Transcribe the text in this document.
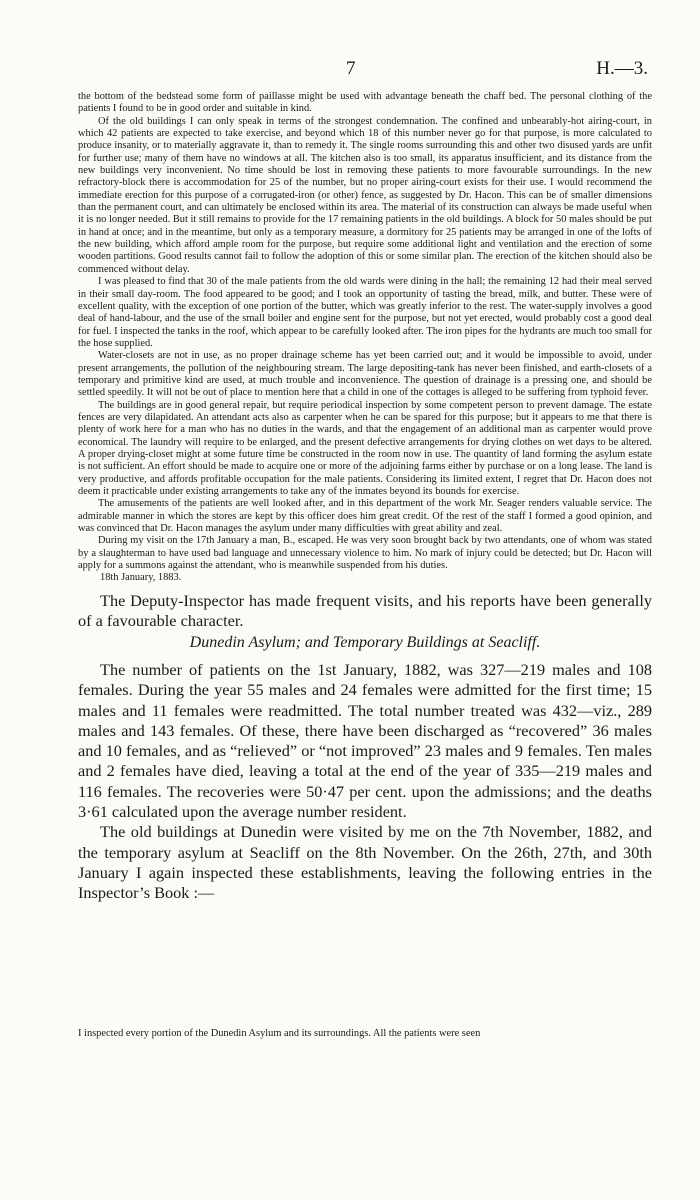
7	H.—3.

the bottom of the bedstead some form of paillasse might be used with advantage beneath the chaff bed. The personal clothing of the patients I found to be in good order and suitable in kind.

Of the old buildings I can only speak in terms of the strongest condemnation. The confined and unbearably-hot airing-court, in which 42 patients are expected to take exercise, and beyond which 18 of this number never go for that purpose, is more calculated to produce insanity, or to materially aggravate it, than to remedy it. The single rooms surrounding this and other two disused yards are unfit for further use; many of them have no windows at all. The kitchen also is too small, its apparatus insufficient, and its distance from the new buildings very inconvenient. No time should be lost in removing these patients to more favourable surroundings. In the new refractory-block there is accommodation for 25 of the number, but no proper airing-court exists for their use. I would recommend the immediate erection for this purpose of a corrugated-iron (or other) fence, as suggested by Dr. Hacon. This can be of smaller dimensions than the permanent court, and can ultimately be enclosed within its area. The material of its construction can always be made useful when it is no longer needed. But it still remains to provide for the 17 remaining patients in the old buildings. A block for 50 males should be put in hand at once; and in the meantime, but only as a temporary measure, a dormitory for 25 patients may be arranged in one of the lofts of the new building, which afford ample room for the purpose, but require some additional light and ventilation and the erection of some wooden partitions. Good results cannot fail to follow the adoption of this or some similar plan. The erection of the kitchen should also be commenced without delay.

I was pleased to find that 30 of the male patients from the old wards were dining in the hall; the remaining 12 had their meal served in their small day-room. The food appeared to be good; and I took an opportunity of tasting the bread, milk, and butter. These were of excellent quality, with the exception of one portion of the butter, which was greatly inferior to the rest. The water-supply involves a good deal of hand-labour, and the use of the small boiler and engine sent for the purpose, but not yet erected, would probably cost a good deal for fuel. I inspected the tanks in the roof, which appear to be carefully looked after. The iron pipes for the hydrants are much too small for the hose supplied.

Water-closets are not in use, as no proper drainage scheme has yet been carried out; and it would be impossible to avoid, under present arrangements, the pollution of the neighbouring stream. The large depositing-tank has never been finished, and earth-closets of a temporary and primitive kind are used, at much trouble and inconvenience. The question of drainage is a pressing one, and should be settled speedily. It will not be out of place to mention here that a child in one of the cottages is alleged to be suffering from typhoid fever.

The buildings are in good general repair, but require periodical inspection by some competent person to prevent damage. The estate fences are very dilapidated. An attendant acts also as carpenter when he can be spared for this purpose; but it appears to me that there is plenty of work here for a man who has no duties in the wards, and that the engagement of an additional man as carpenter would prove economical. The laundry will require to be enlarged, and the present defective arrangements for drying clothes on wet days to be altered. A proper drying-closet might at some future time be constructed in the room now in use. The quantity of land forming the asylum estate is not sufficient. An effort should be made to acquire one or more of the adjoining farms either by purchase or on a long lease. The land is very productive, and affords profitable occupation for the male patients. Considering its limited extent, I regret that Dr. Hacon does not deem it practicable under existing arrangements to take any of the inmates beyond its bounds for exercise.

The amusements of the patients are well looked after, and in this department of the work Mr. Seager renders valuable service. The admirable manner in which the stores are kept by this officer does him great credit. Of the rest of the staff I formed a good opinion, and was convinced that Dr. Hacon manages the asylum under many difficulties with great ability and zeal.

During my visit on the 17th January a man, B., escaped. He was very soon brought back by two attendants, one of whom was stated by a slaughterman to have used bad language and unnecessary violence to him. No mark of injury could be detected; but Dr. Hacon will apply for a summons against the attendant, who is meanwhile suspended from his duties.

18th January, 1883.

The Deputy-Inspector has made frequent visits, and his reports have been generally of a favourable character.

Dunedin Asylum; and Temporary Buildings at Seacliff.

The number of patients on the 1st January, 1882, was 327—219 males and 108 females. During the year 55 males and 24 females were admitted for the first time; 15 males and 11 females were readmitted. The total number treated was 432—viz., 289 males and 143 females. Of these, there have been discharged as “recovered” 36 males and 10 females, and as “relieved” or “not improved” 23 males and 9 females. Ten males and 2 females have died, leaving a total at the end of the year of 335—219 males and 116 females. The recoveries were 50·47 per cent. upon the admissions; and the deaths 3·61 calculated upon the average number resident.

The old buildings at Dunedin were visited by me on the 7th November, 1882, and the temporary asylum at Seacliff on the 8th November. On the 26th, 27th, and 30th January I again inspected these establishments, leaving the following entries in the Inspector’s Book :—

I inspected every portion of the Dunedin Asylum and its surroundings. All the patients were seen
